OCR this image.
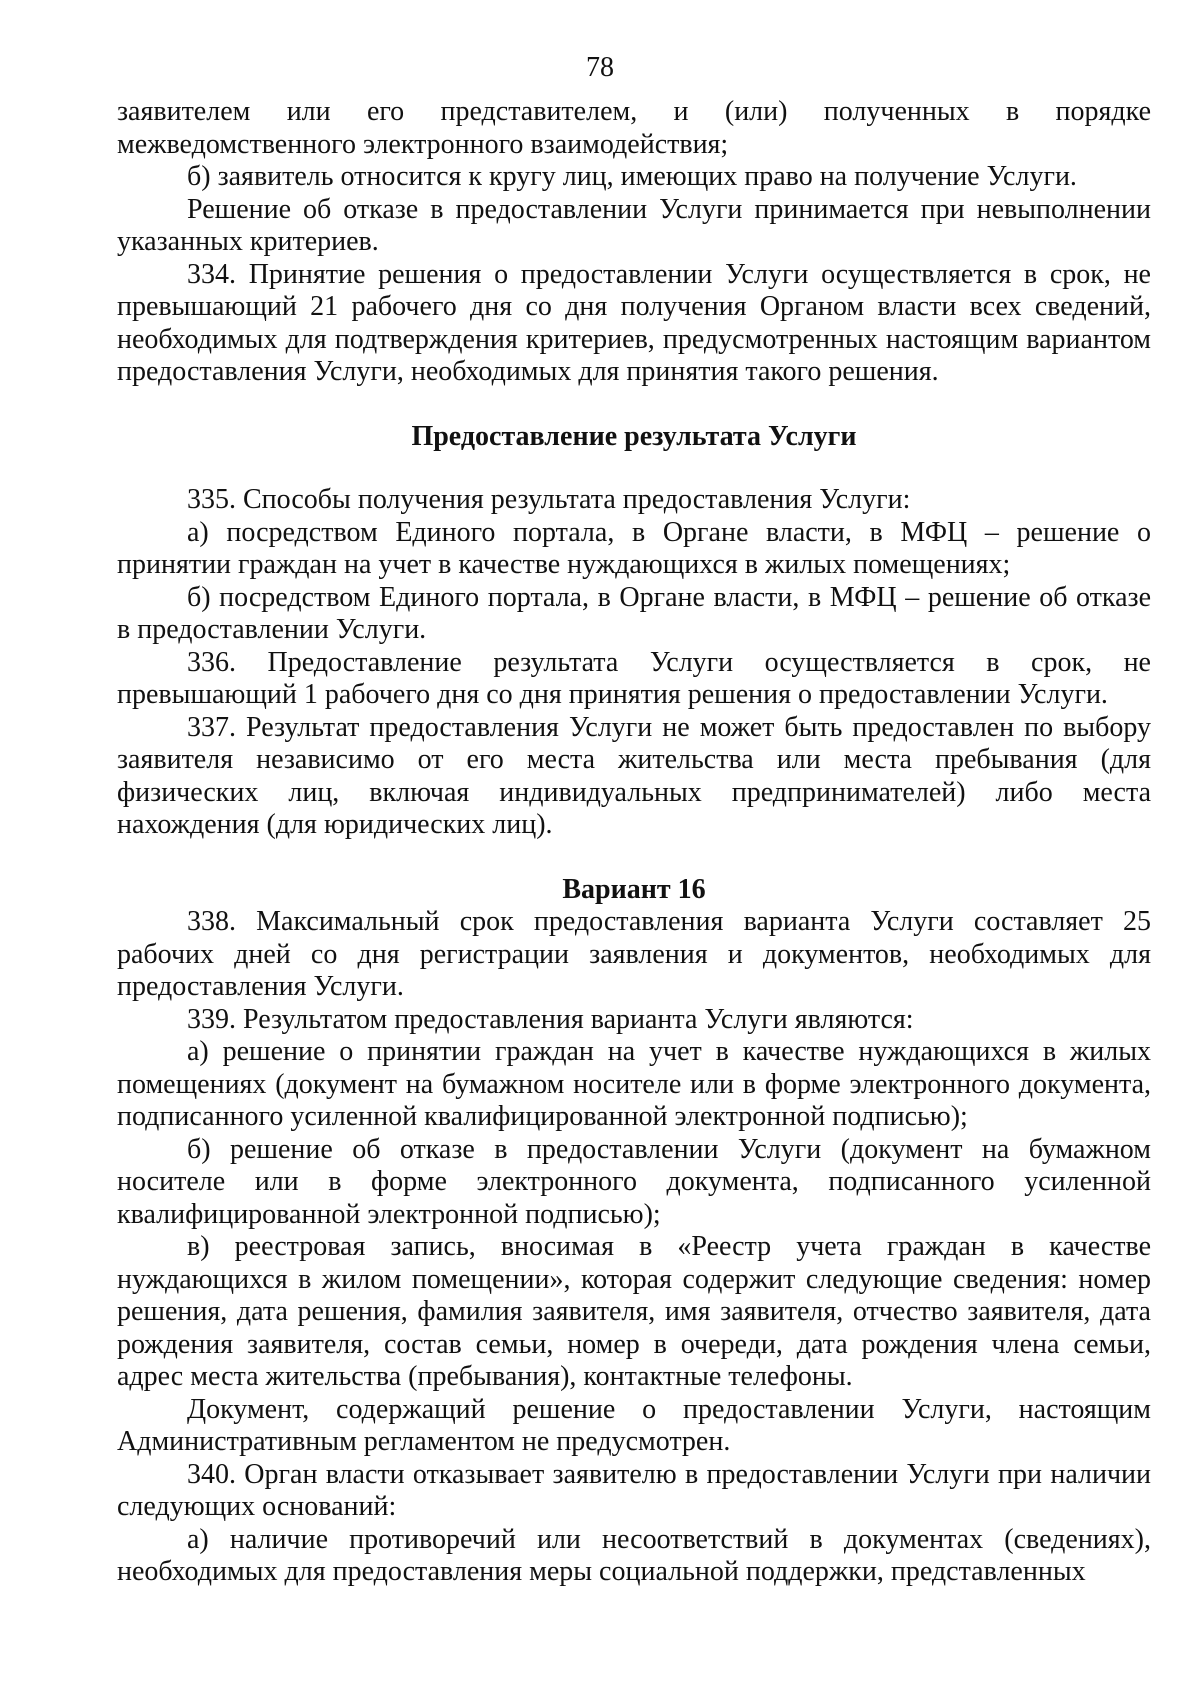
78

заявителем или его представителем, и (или) полученных в порядке межведомственного электронного взаимодействия;

б) заявитель относится к кругу лиц, имеющих право на получение Услуги.

Решение об отказе в предоставлении Услуги принимается при невыполнении указанных критериев.

334. Принятие решения о предоставлении Услуги осуществляется в срок, не превышающий 21 рабочего дня со дня получения Органом власти всех сведений, необходимых для подтверждения критериев, предусмотренных настоящим вариантом предоставления Услуги, необходимых для принятия такого решения.

Предоставление результата Услуги

335. Способы получения результата предоставления Услуги:

а) посредством Единого портала, в Органе власти, в МФЦ – решение о принятии граждан на учет в качестве нуждающихся в жилых помещениях;

б) посредством Единого портала, в Органе власти, в МФЦ – решение об отказе в предоставлении Услуги.

336. Предоставление результата Услуги осуществляется в срок, не превышающий 1 рабочего дня со дня принятия решения о предоставлении Услуги.

337. Результат предоставления Услуги не может быть предоставлен по выбору заявителя независимо от его места жительства или места пребывания (для физических лиц, включая индивидуальных предпринимателей) либо места нахождения (для юридических лиц).

Вариант 16

338. Максимальный срок предоставления варианта Услуги составляет 25 рабочих дней со дня регистрации заявления и документов, необходимых для предоставления Услуги.

339. Результатом предоставления варианта Услуги являются:

а) решение о принятии граждан на учет в качестве нуждающихся в жилых помещениях (документ на бумажном носителе или в форме электронного документа, подписанного усиленной квалифицированной электронной подписью);

б) решение об отказе в предоставлении Услуги (документ на бумажном носителе или в форме электронного документа, подписанного усиленной квалифицированной электронной подписью);

в) реестровая запись, вносимая в «Реестр учета граждан в качестве нуждающихся в жилом помещении», которая содержит следующие сведения: номер решения, дата решения, фамилия заявителя, имя заявителя, отчество заявителя, дата рождения заявителя, состав семьи, номер в очереди, дата рождения члена семьи, адрес места жительства (пребывания), контактные телефоны.

Документ, содержащий решение о предоставлении Услуги, настоящим Административным регламентом не предусмотрен.

340. Орган власти отказывает заявителю в предоставлении Услуги при наличии следующих оснований:

а) наличие противоречий или несоответствий в документах (сведениях), необходимых для предоставления меры социальной поддержки, представленных
